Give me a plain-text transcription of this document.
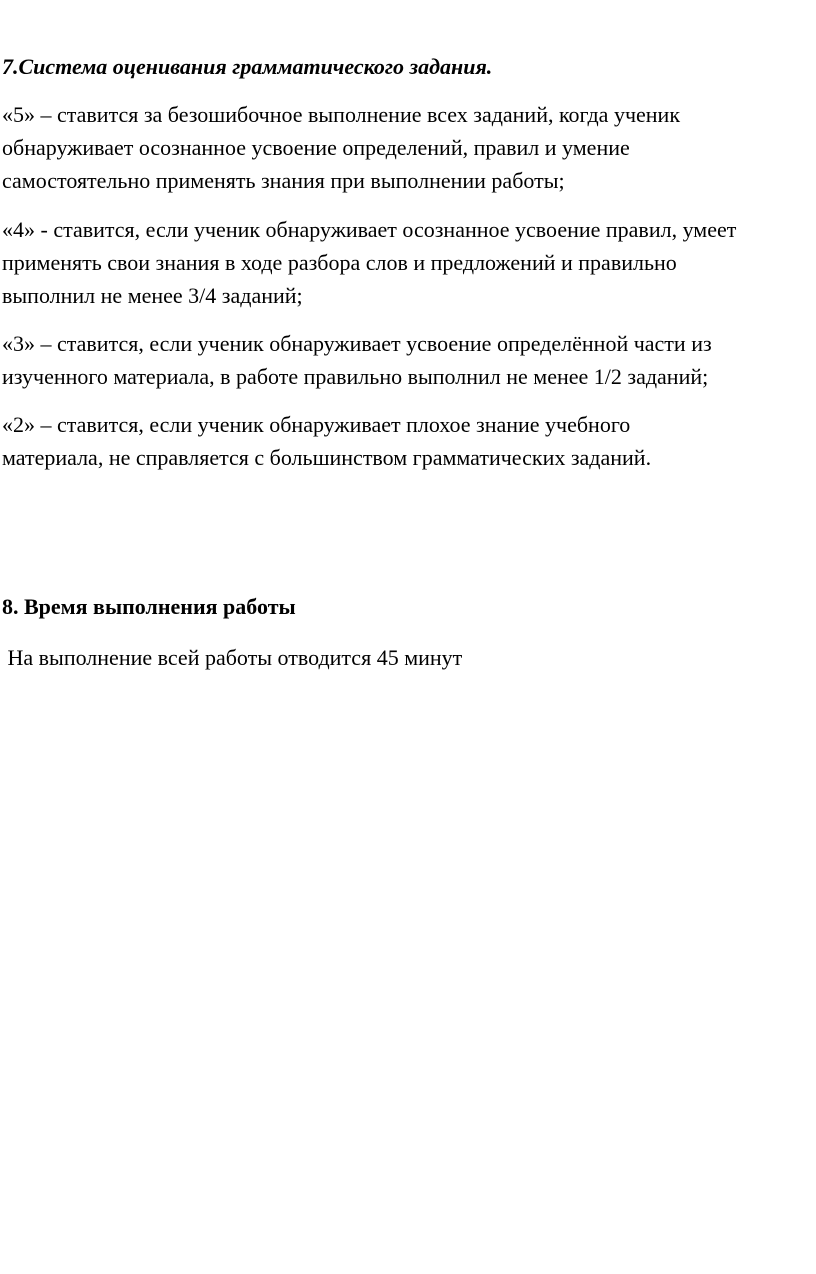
7.Система оценивания грамматического задания.

«5» – ставится за безошибочное выполнение всех заданий, когда ученик

обнаруживает осознанное усвоение определений, правил и умение

самостоятельно применять знания при выполнении работы;

«4» - ставится, если ученик обнаруживает осознанное усвоение правил, умеет

применять свои знания в ходе разбора слов и предложений и правильно

выполнил не менее 3/4 заданий;

«3» – ставится, если ученик обнаруживает усвоение определённой части из

изученного материала, в работе правильно выполнил не менее 1/2 заданий;

«2» – ставится, если ученик обнаруживает плохое знание учебного

материала, не справляется с большинством грамматических заданий.

8. Время выполнения работы

На выполнение всей работы отводится 45 минут
